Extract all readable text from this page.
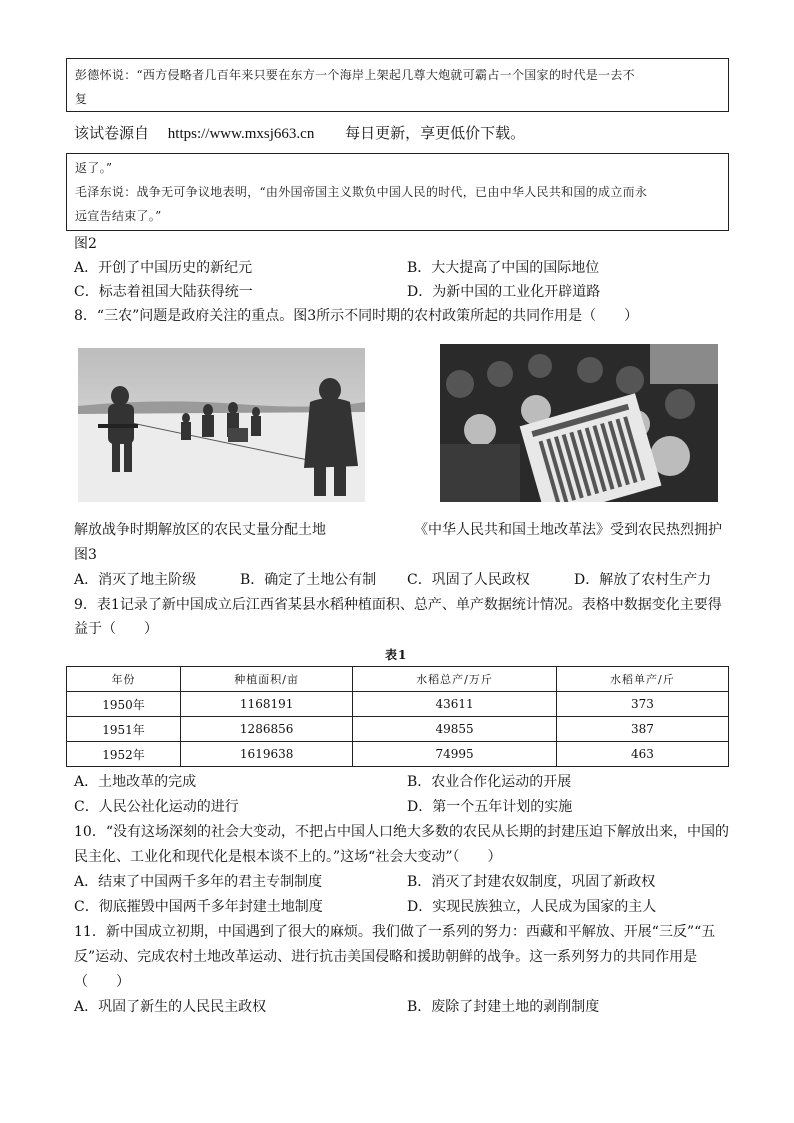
彭德怀说：“西方侵略者几百年来只要在东方一个海岸上架起几尊大炮就可霸占一个国家的时代是一去不
复
该试卷源自 https://www.mxsj663.cn 每日更新，享更低价下载。
返了。”
毛泽东说：战争无可争议地表明，“由外国帝国主义欺负中国人民的时代，已由中华人民共和国的成立而永
远宣告结束了。”
图2
A．开创了中国历史的新纪元	B．大大提高了中国的国际地位
C．标志着祖国大陆获得统一	D．为新中国的工业化开辟道路
8．“三农”问题是政府关注的重点。图3所示不同时期的农村政策所起的共同作用是（　　）
解放战争时期解放区的农民丈量分配土地	《中华人民共和国土地改革法》受到农民热烈拥护
图3
A．消灭了地主阶级	B．确定了土地公有制 C．巩固了人民政权	D．解放了农村生产力
9．表1记录了新中国成立后江西省某县水稻种植面积、总产、单产数据统计情况。表格中数据变化主要得
益于（　　）
表1
年份	种植面积/亩	水稻总产/万斤	水稻单产/斤
1950年	1168191	43611	373
1951年	1286856	49855	387
1952年	1619638	74995	463
A．土地改革的完成	B．农业合作化运动的开展
C．人民公社化运动的进行	D．第一个五年计划的实施
10．“没有这场深刻的社会大变动，不把占中国人口绝大多数的农民从长期的封建压迫下解放出来，中国的
民主化、工业化和现代化是根本谈不上的。”这场“社会大变动”（　　）
A．结束了中国两千多年的君主专制制度	B．消灭了封建农奴制度，巩固了新政权
C．彻底摧毁中国两千多年封建土地制度	D．实现民族独立，人民成为国家的主人
11．新中国成立初期，中国遇到了很大的麻烦。我们做了一系列的努力：西藏和平解放、开展“三反”“五
反”运动、完成农村土地改革运动、进行抗击美国侵略和援助朝鲜的战争。这一系列努力的共同作用是
（　　）
A．巩固了新生的人民民主政权	B．废除了封建土地的剥削制度
